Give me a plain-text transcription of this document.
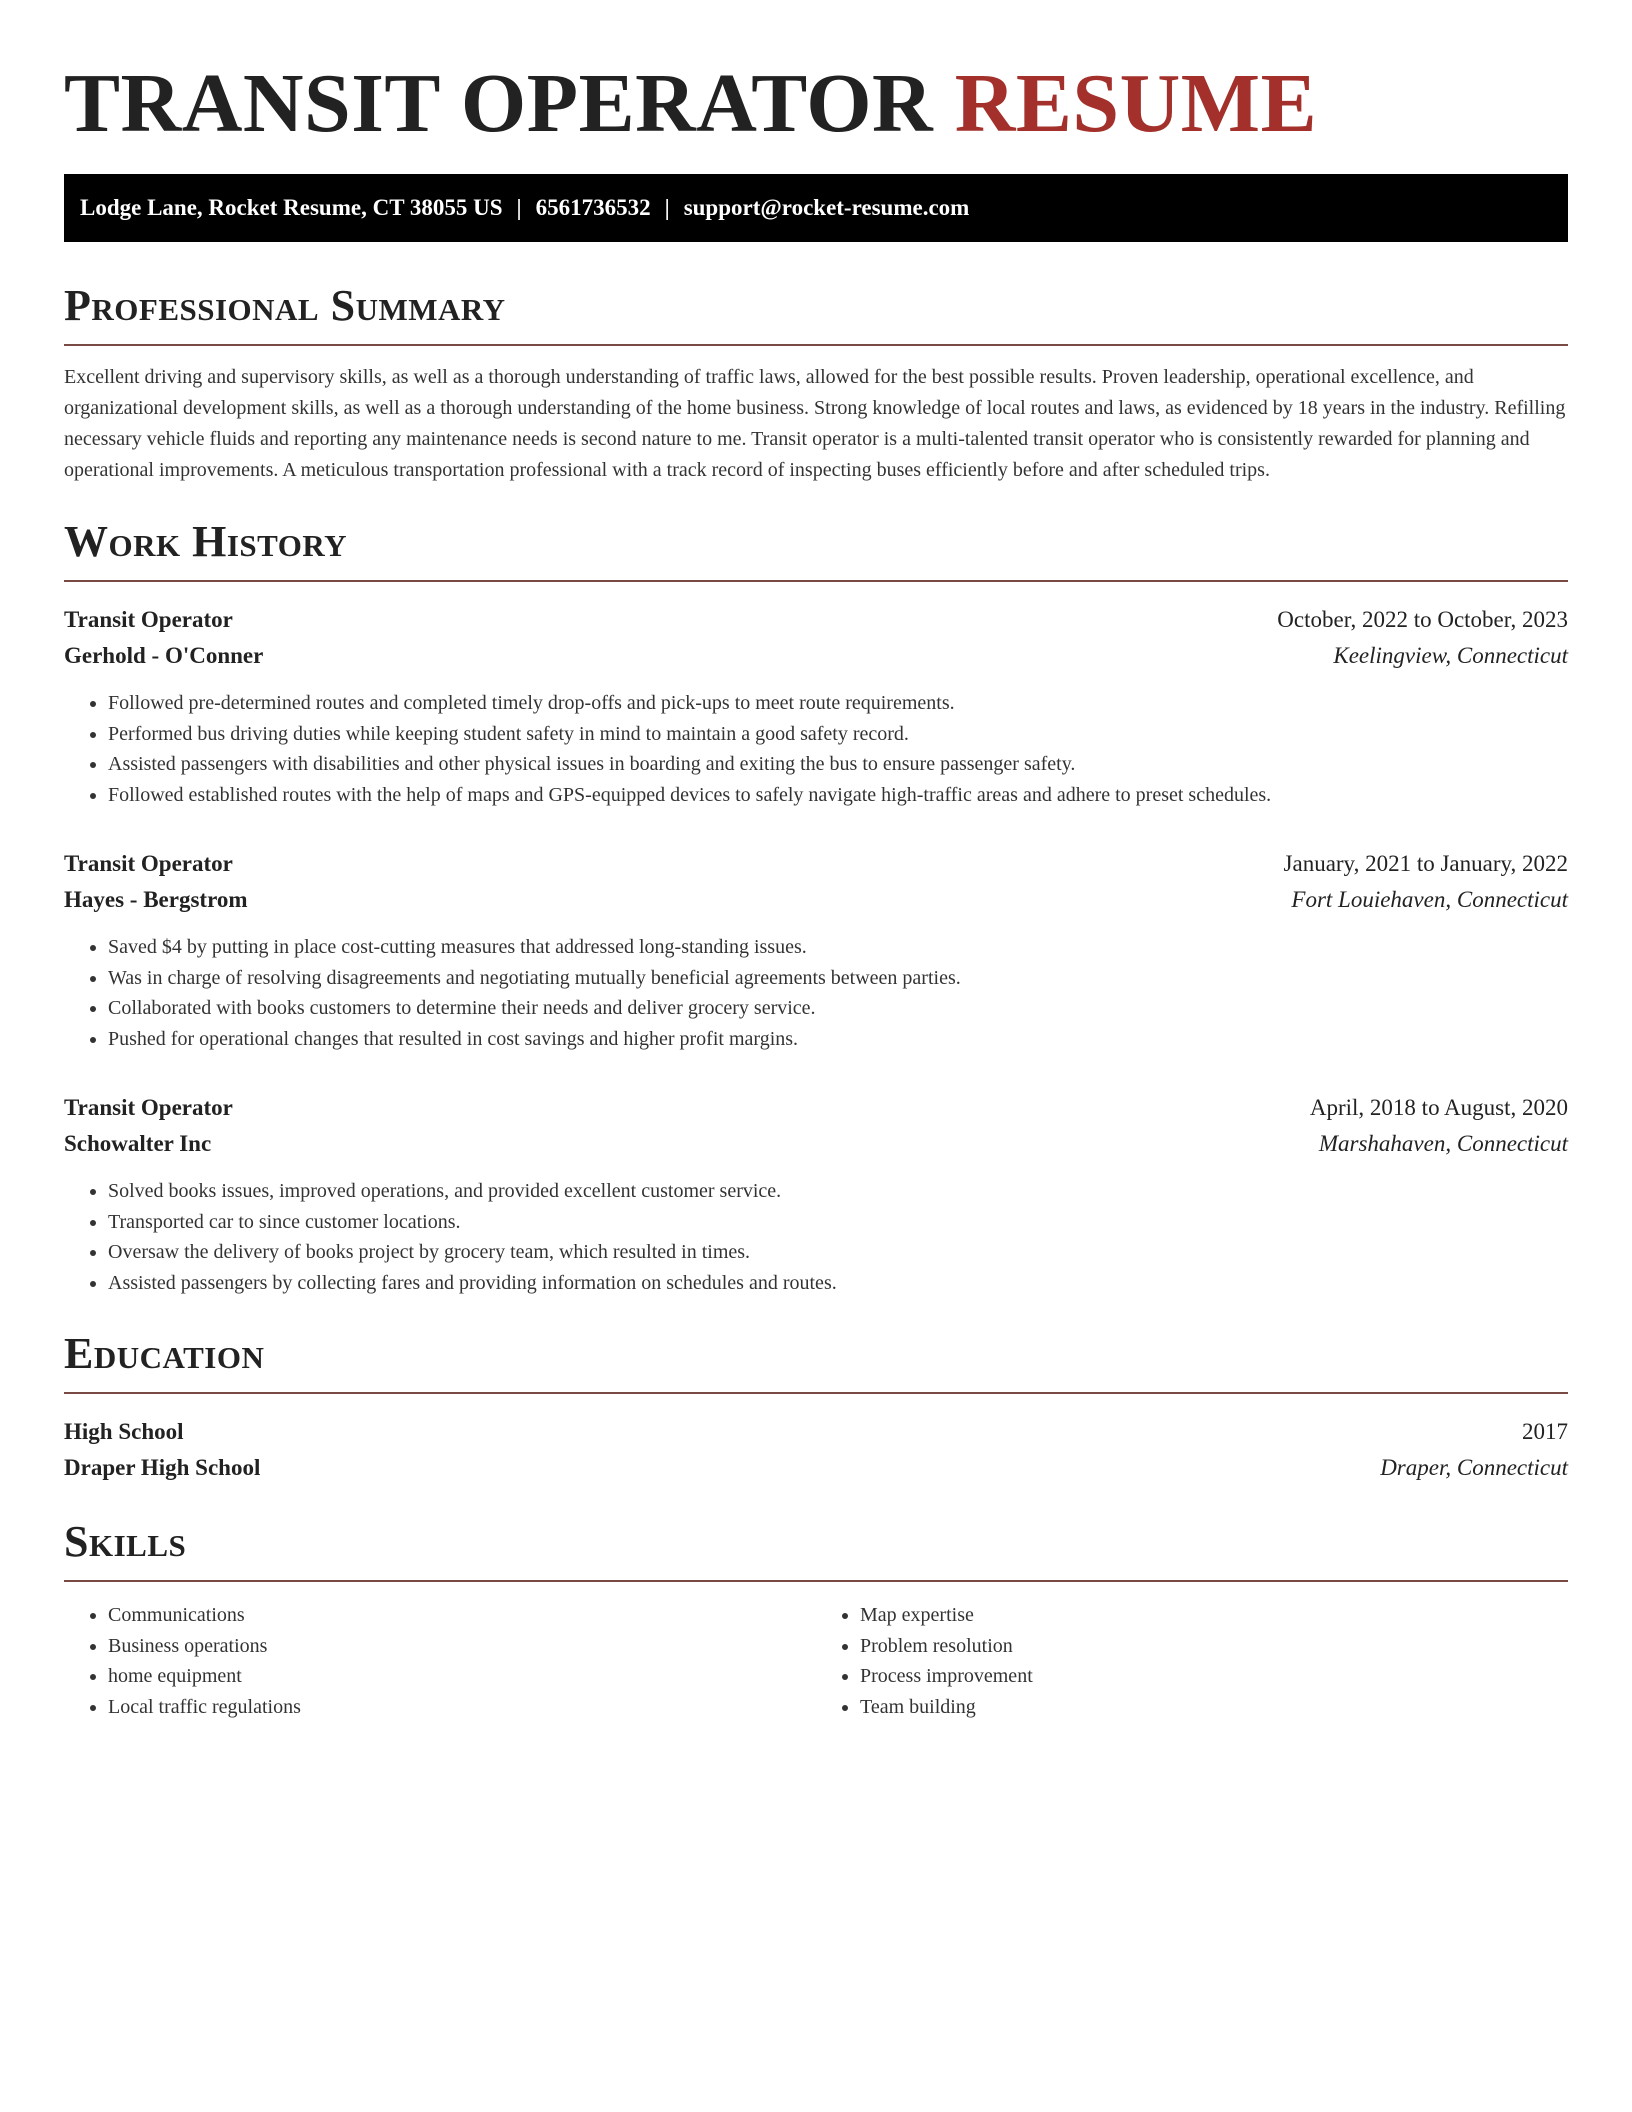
TRANSIT OPERATOR RESUME
Lodge Lane, Rocket Resume, CT 38055 US | 6561736532 | support@rocket-resume.com
Professional Summary

Excellent driving and supervisory skills, as well as a thorough understanding of traffic laws, allowed for the best possible results. Proven leadership, operational excellence, and organizational development skills, as well as a thorough understanding of the home business. Strong knowledge of local routes and laws, as evidenced by 18 years in the industry. Refilling necessary vehicle fluids and reporting any maintenance needs is second nature to me. Transit operator is a multi-talented transit operator who is consistently rewarded for planning and operational improvements. A meticulous transportation professional with a track record of inspecting buses efficiently before and after scheduled trips.

Work History
Transit Operator	October, 2022 to October, 2023
Gerhold - O'Conner	Keelingview, Connecticut
• Followed pre-determined routes and completed timely drop-offs and pick-ups to meet route requirements.
• Performed bus driving duties while keeping student safety in mind to maintain a good safety record.
• Assisted passengers with disabilities and other physical issues in boarding and exiting the bus to ensure passenger safety.
• Followed established routes with the help of maps and GPS-equipped devices to safely navigate high-traffic areas and adhere to preset schedules.
Transit Operator	January, 2021 to January, 2022
Hayes - Bergstrom	Fort Louiehaven, Connecticut
• Saved $4 by putting in place cost-cutting measures that addressed long-standing issues.
• Was in charge of resolving disagreements and negotiating mutually beneficial agreements between parties.
• Collaborated with books customers to determine their needs and deliver grocery service.
• Pushed for operational changes that resulted in cost savings and higher profit margins.
Transit Operator	April, 2018 to August, 2020
Schowalter Inc	Marshahaven, Connecticut
• Solved books issues, improved operations, and provided excellent customer service.
• Transported car to since customer locations.
• Oversaw the delivery of books project by grocery team, which resulted in times.
• Assisted passengers by collecting fares and providing information on schedules and routes.
Education
High School	2017
Draper High School	Draper, Connecticut
Skills
• Communications
• Business operations
• home equipment
• Local traffic regulations
• Map expertise
• Problem resolution
• Process improvement
• Team building
